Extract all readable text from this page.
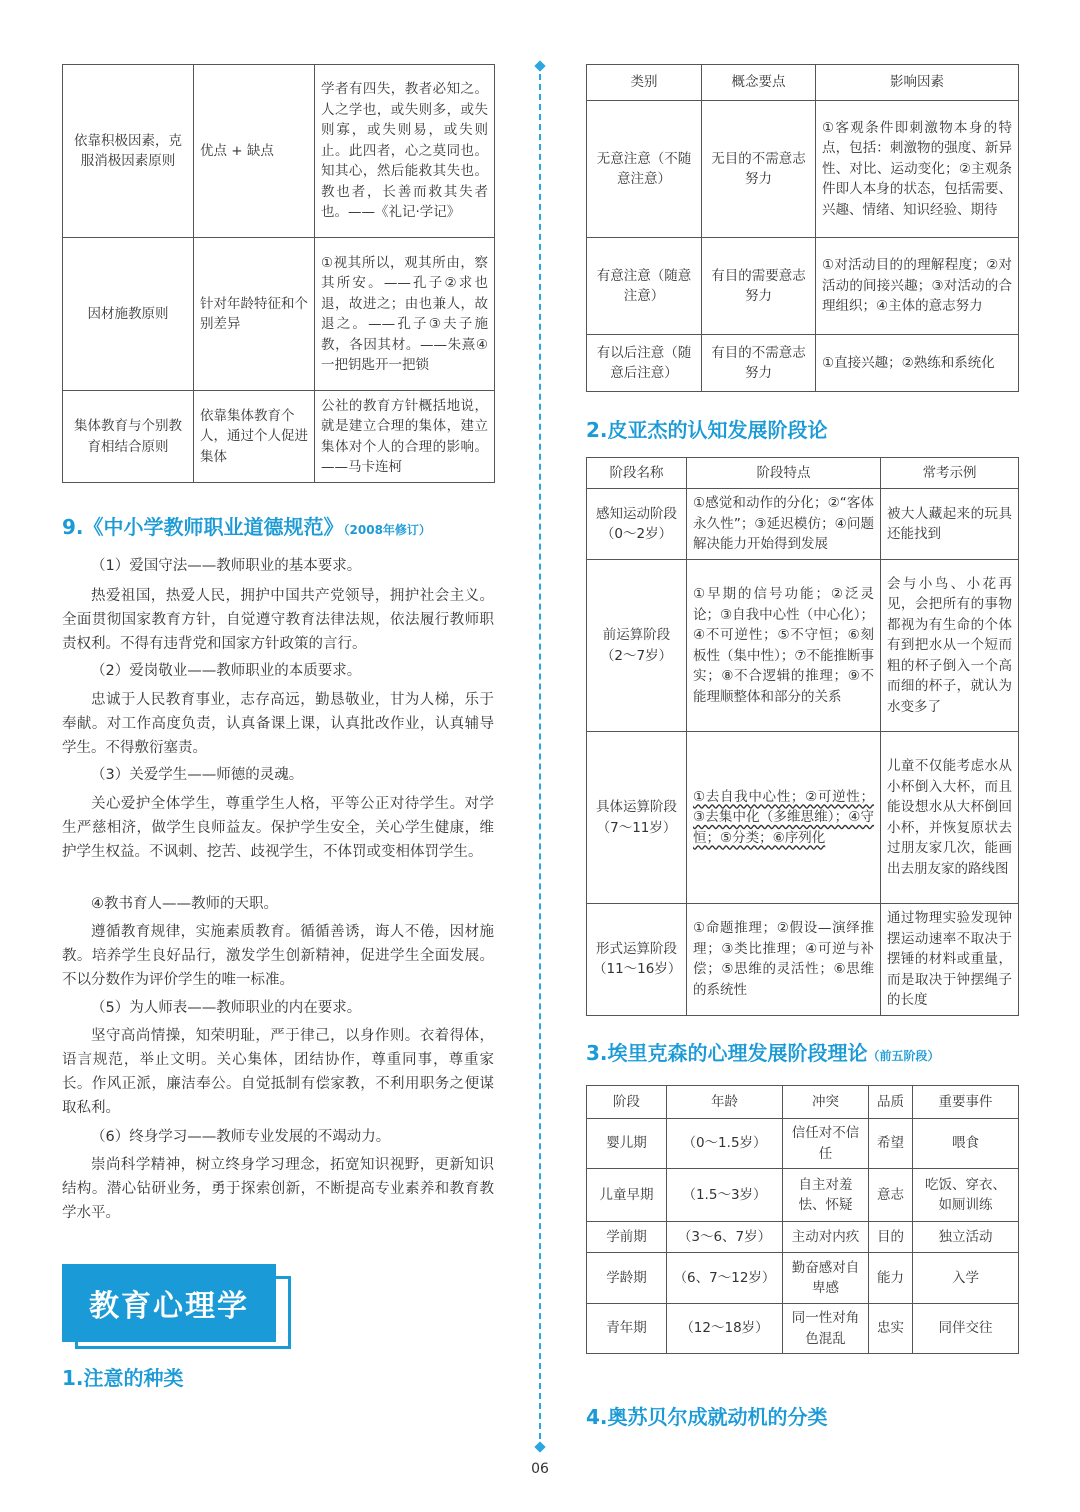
依靠积极因素，克服消极因素原则	优点 + 缺点	学者有四失，教者必知之。人之学也，或失则多，或失则寡，或失则易，或失则止。此四者，心之莫同也。知其心，然后能救其失也。教也者，长善而救其失者也。——《礼记·学记》
因材施教原则	针对年龄特征和个别差异	①视其所以，观其所由，察其所安。——孔子②求也退，故进之；由也兼人，故退之。——孔子③夫子施教，各因其材。——朱熹④一把钥匙开一把锁
集体教育与个别教育相结合原则	依靠集体教育个人，通过个人促进集体	公社的教育方针概括地说，就是建立合理的集体，建立集体对个人的合理的影响。——马卡连柯
9.《中小学教师职业道德规范》（2008年修订）

（1）爱国守法——教师职业的基本要求。

热爱祖国，热爱人民，拥护中国共产党领导，拥护社会主义。全面贯彻国家教育方针，自觉遵守教育法律法规，依法履行教师职责权利。不得有违背党和国家方针政策的言行。

（2）爱岗敬业——教师职业的本质要求。

忠诚于人民教育事业，志存高远，勤恳敬业，甘为人梯，乐于奉献。对工作高度负责，认真备课上课，认真批改作业，认真辅导学生。不得敷衍塞责。

（3）关爱学生——师德的灵魂。

关心爱护全体学生，尊重学生人格，平等公正对待学生。对学生严慈相济，做学生良师益友。保护学生安全，关心学生健康，维护学生权益。不讽刺、挖苦、歧视学生，不体罚或变相体罚学生。

④教书育人——教师的天职。

遵循教育规律，实施素质教育。循循善诱，诲人不倦，因材施教。培养学生良好品行，激发学生创新精神，促进学生全面发展。不以分数作为评价学生的唯一标准。

（5）为人师表——教师职业的内在要求。

坚守高尚情操，知荣明耻，严于律己，以身作则。衣着得体，语言规范，举止文明。关心集体，团结协作，尊重同事，尊重家长。作风正派，廉洁奉公。自觉抵制有偿家教，不利用职务之便谋取私利。

（6）终身学习——教师专业发展的不竭动力。

崇尚科学精神，树立终身学习理念，拓宽知识视野，更新知识结构。潜心钻研业务，勇于探索创新，不断提高专业素养和教育教学水平。

教育心理学
1.注意的种类
类别	概念要点	影响因素
无意注意（不随意注意）	无目的不需意志努力	①客观条件即刺激物本身的特点，包括：刺激物的强度、新异性、对比、运动变化；②主观条件即人本身的状态，包括需要、兴趣、情绪、知识经验、期待
有意注意（随意注意）	有目的需要意志努力	①对活动目的的理解程度；②对活动的间接兴趣；③对活动的合理组织；④主体的意志努力
有以后注意（随意后注意）	有目的不需意志努力	①直接兴趣；②熟练和系统化
2.皮亚杰的认知发展阶段论
阶段名称	阶段特点	常考示例
感知运动阶段（0～2岁）	①感觉和动作的分化；②“客体永久性”；③延迟模仿；④问题解决能力开始得到发展	被大人藏起来的玩具还能找到
前运算阶段（2～7岁）	①早期的信号功能；②泛灵论；③自我中心性（中心化）；④不可逆性；⑤不守恒；⑥刻板性（集中性）；⑦不能推断事实；⑧不合逻辑的推理；⑨不能理顺整体和部分的关系	会与小鸟、小花再见，会把所有的事物都视为有生命的个体有到把水从一个短而粗的杯子倒入一个高而细的杯子，就认为水变多了
具体运算阶段（7～11岁）	①去自我中心性；②可逆性；③去集中化（多维思维）；④守恒；⑤分类；⑥序列化	儿童不仅能考虑水从小杯倒入大杯，而且能设想水从大杯倒回小杯，并恢复原状去过朋友家几次，能画出去朋友家的路线图
形式运算阶段（11～16岁）	①命题推理；②假设—演绎推理；③类比推理；④可逆与补偿；⑤思维的灵活性；⑥思维的系统性	通过物理实验发现钟摆运动速率不取决于摆锤的材料或重量，而是取决于钟摆绳子的长度
3.埃里克森的心理发展阶段理论（前五阶段）
阶段	年龄	冲突	品质	重要事件
婴儿期	（0～1.5岁）	信任对不信任	希望	喂食
儿童早期	（1.5～3岁）	自主对羞怯、怀疑	意志	吃饭、穿衣、如厕训练
学前期	（3～6、7岁）	主动对内疚	目的	独立活动
学龄期	（6、7～12岁）	勤奋感对自卑感	能力	入学
青年期	（12～18岁）	同一性对角色混乱	忠实	同伴交往
4.奥苏贝尔成就动机的分类
06
